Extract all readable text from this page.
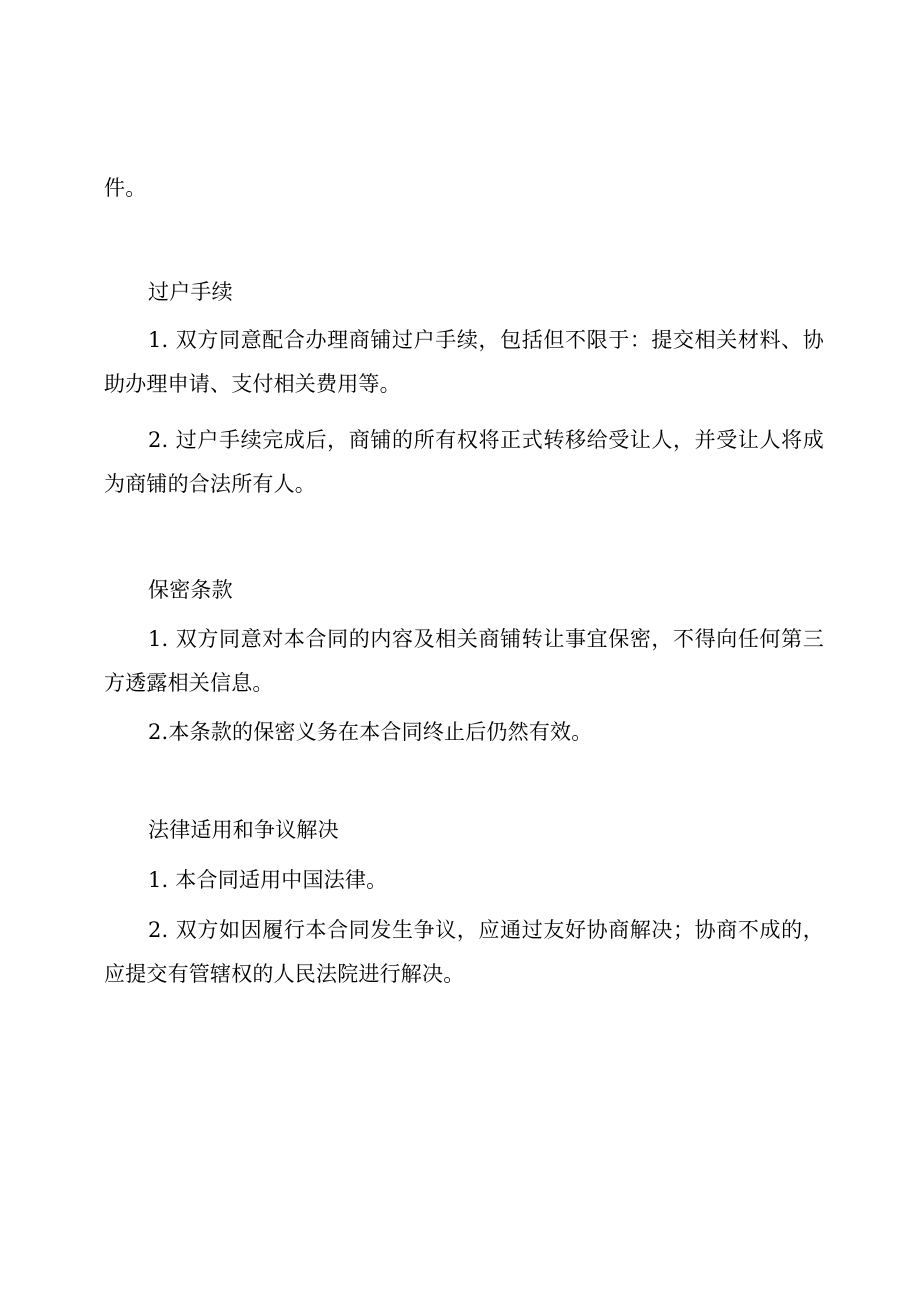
件。

过户手续

1. 双方同意配合办理商铺过户手续，包括但不限于：提交相关材料、协助办理申请、支付相关费用等。

2. 过户手续完成后，商铺的所有权将正式转移给受让人，并受让人将成为商铺的合法所有人。

保密条款

1. 双方同意对本合同的内容及相关商铺转让事宜保密，不得向任何第三方透露相关信息。

2.本条款的保密义务在本合同终止后仍然有效。

法律适用和争议解决

1. 本合同适用中国法律。

2. 双方如因履行本合同发生争议，应通过友好协商解决；协商不成的，应提交有管辖权的人民法院进行解决。
